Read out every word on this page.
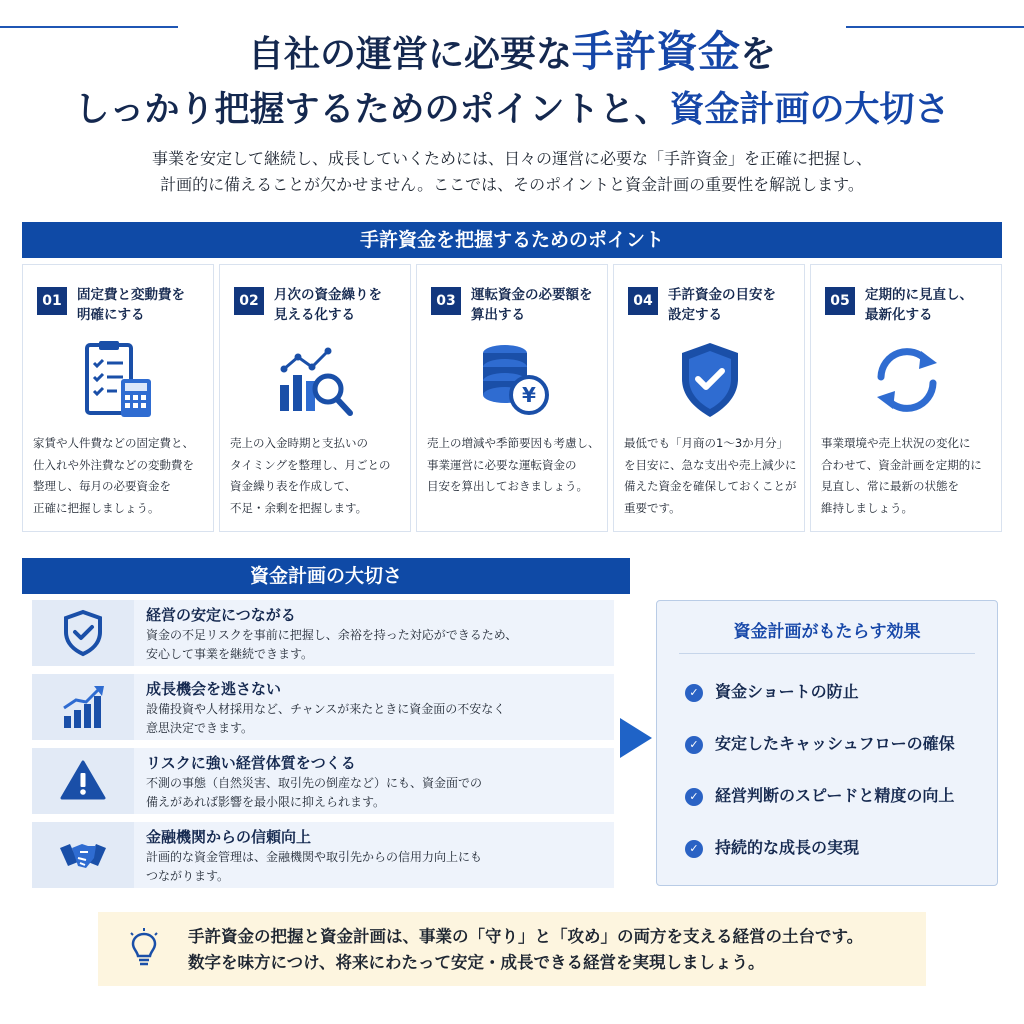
自社の運営に必要な手許資金を
しっかり把握するためのポイントと、資金計画の大切さ
事業を安定して継続し、成長していくためには、日々の運営に必要な「手許資金」を正確に把握し、
計画的に備えることが欠かせません。ここでは、そのポイントと資金計画の重要性を解説します。
手許資金を把握するためのポイント
01	固定費と変動費を
明確にする
家賃や人件費などの固定費と、
仕入れや外注費などの変動費を
整理し、毎月の必要資金を
正確に把握しましょう。
02	月次の資金繰りを
見える化する
売上の入金時期と支払いの
タイミングを整理し、月ごとの
資金繰り表を作成して、
不足・余剰を把握します。
03	運転資金の必要額を
算出する
¥
売上の増減や季節要因も考慮し、
事業運営に必要な運転資金の
目安を算出しておきましょう。
04	手許資金の目安を
設定する
最低でも「月商の1〜3か月分」
を目安に、急な支出や売上減少に
備えた資金を確保しておくことが
重要です。
05	定期的に見直し、
最新化する
事業環境や売上状況の変化に
合わせて、資金計画を定期的に
見直し、常に最新の状態を
維持しましょう。
資金計画の大切さ
経営の安定につながる
資金の不足リスクを事前に把握し、余裕を持った対応ができるため、
安心して事業を継続できます。
成長機会を逃さない
設備投資や人材採用など、チャンスが来たときに資金面の不安なく
意思決定できます。
リスクに強い経営体質をつくる
不測の事態（自然災害、取引先の倒産など）にも、資金面での
備えがあれば影響を最小限に抑えられます。
金融機関からの信頼向上
計画的な資金管理は、金融機関や取引先からの信用力向上にも
つながります。
資金計画がもたらす効果
✓ 資金ショートの防止
✓ 安定したキャッシュフローの確保
✓ 経営判断のスピードと精度の向上
✓ 持続的な成長の実現
手許資金の把握と資金計画は、事業の「守り」と「攻め」の両方を支える経営の土台です。
数字を味方につけ、将来にわたって安定・成長できる経営を実現しましょう。
